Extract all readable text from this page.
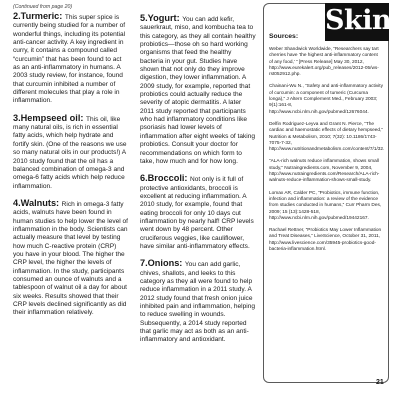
(Continued from page 20)
2.Turmeric:

This super spice is currently being studied for a number of wonderful things, including its potential anti-cancer activity. A key ingredient in curry, it contains a compound called “curcumin” that has been found to act as an anti-inflammatory in humans. A 2003 study review, for instance, found that curcumin inhibited a number of different molecules that play a role in inflammation.

3.Hempseed oil:

This oil, like many natural oils, is rich in essential fatty acids, which help hydrate and fortify skin. (One of the reasons we use so many natural oils in our products!) A 2010 study found that the oil has a balanced combination of omega-3 and omega-6 fatty acids which help reduce inflammation.

4.Walnuts:

Rich in omega-3 fatty acids, walnuts have been found in human studies to help lower the level of inflammation in the body. Scientists can actually measure that level by testing how much C-reactive protein (CRP) you have in your blood. The higher the CRP level, the higher the levels of inflammation. In the study, participants consumed an ounce of walnuts and a tablespoon of walnut oil a day for about six weeks. Results showed that their CRP levels declined significantly as did their inflammation relatively.

5.Yogurt:

You can add kefir, sauerkraut, miso, and kombucha tea to this category, as they all contain healthy probiotics—those oh so hard working organisms that feed the healthy bacteria in your gut. Studies have shown that not only do they improve digestion, they lower inflammation. A 2009 study, for example, reported that probiotics could actually reduce the severity of atopic dermatitis. A later 2011 study reported that participants who had inflammatory conditions like psoriasis had lower levels of inflammation after eight weeks of taking probiotics. Consult your doctor for recommendations on which form to take, how much and for how long.

6.Broccoli:

Not only is it full of protective antioxidants, broccoli is excellent at reducing inflammation. A 2010 study, for example, found that eating broccoli for only 10 days cut inflammation by nearly half! CRP levels went down by 48 percent. Other cruciferous veggies, like cauliflower, have similar anti-inflammatory effects.

7.Onions:

You can add garlic, chives, shallots, and leeks to this category as they all were found to help reduce inflammation in a 2011 study. A 2012 study found that fresh onion juice inhibited pain and inflammation, helping to reduce swelling in wounds. Subsequently, a 2014 study reported that garlic may act as both as an anti-inflammatory and antioxidant.

Skin
Sources:
Weber Shandwick Worldwide, “Researchers say tart cherries have ‘the highest anti-inflammatory content of any food,’ ” [Press Release] May 30, 2012, http://www.eurekalert.org/pub_releases/2012-05/ws-rst052912.php.
Chainani-Wu N., “Safety and anti-inflammatory activity of curcumin: a component of tumeric (Curcuma longa),” J Altern Complement Med., February 2003; 9(1):161-8, http://www.ncbi.nlm.nih.gov/pubmed/12676044.
Delfin Rodriguez-Leyva and Grant N. Pierce, “The cardiac and haemostatic effects of dietary hempseed,” Nutrition & Metabolism, 2010; 7(32): 10.1186/1743-7075-7-32, http://www.nutritionandmetabolism.com/content/7/1/32.
“ALA-rich walnuts reduce inflammation, shows small study,” Nutraingredients.com, November 9, 2004, http://www.nutraingredients.com/Research/ALA-rich-walnuts-reduce-inflammation-shows-small-study.
Lomax AR, Calder PC, “Probiotics, immune function, infection and inflammation: a review of the evidence from studies conducted in humans,” Curr Pharm Des, 2009; 15 (13):1428-518, http://www.ncbi.nlm.nih.gov/pubmed/19442167.
Rachael Rettner, “Probiotics May Lower Inflammation and Treat Diseases,” LiveScience, October 31, 2011, http://www.livescience.com/35945-probiotics-good-bacteria-inflammation.html.
21
